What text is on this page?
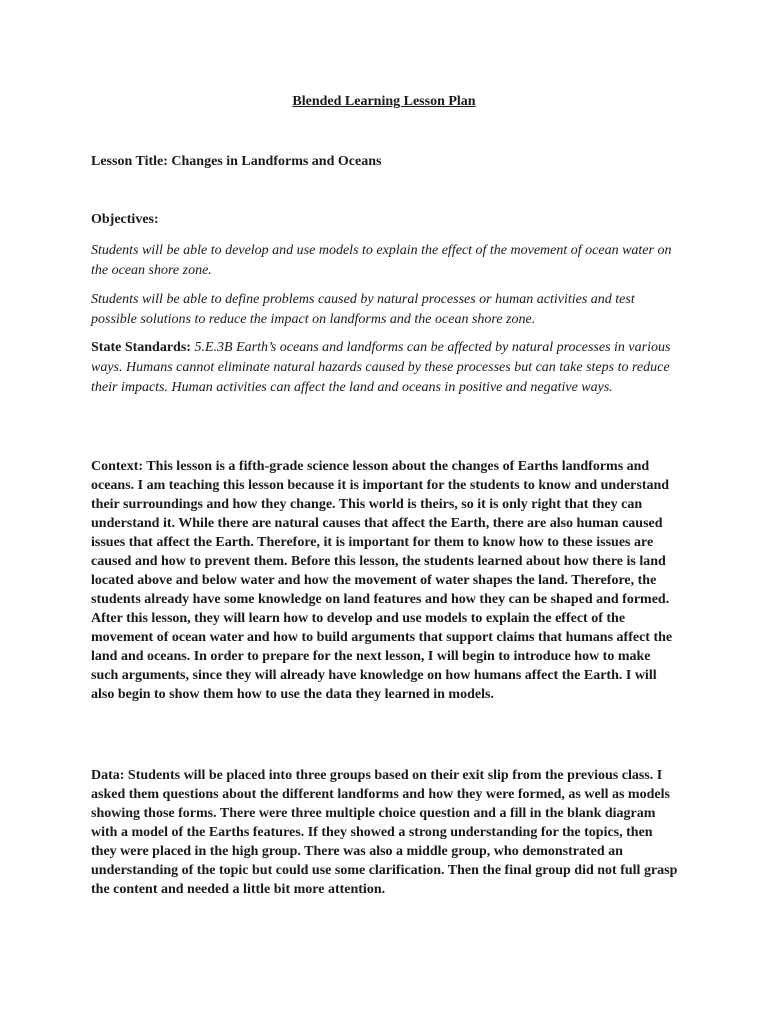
Blended Learning Lesson Plan
Lesson Title: Changes in Landforms and Oceans
Objectives:

Students will be able to develop and use models to explain the effect of the movement of ocean water on the ocean shore zone.

Students will be able to define problems caused by natural processes or human activities and test possible solutions to reduce the impact on landforms and the ocean shore zone.

State Standards: 5.E.3B Earth’s oceans and landforms can be affected by natural processes in various ways. Humans cannot eliminate natural hazards caused by these processes but can take steps to reduce their impacts. Human activities can affect the land and oceans in positive and negative ways.

Context: This lesson is a fifth-grade science lesson about the changes of Earths landforms and oceans. I am teaching this lesson because it is important for the students to know and understand their surroundings and how they change. This world is theirs, so it is only right that they can understand it. While there are natural causes that affect the Earth, there are also human caused issues that affect the Earth. Therefore, it is important for them to know how to these issues are caused and how to prevent them. Before this lesson, the students learned about how there is land located above and below water and how the movement of water shapes the land. Therefore, the students already have some knowledge on land features and how they can be shaped and formed. After this lesson, they will learn how to develop and use models to explain the effect of the movement of ocean water and how to build arguments that support claims that humans affect the land and oceans. In order to prepare for the next lesson, I will begin to introduce how to make such arguments, since they will already have knowledge on how humans affect the Earth. I will also begin to show them how to use the data they learned in models.

Data: Students will be placed into three groups based on their exit slip from the previous class. I asked them questions about the different landforms and how they were formed, as well as models showing those forms. There were three multiple choice question and a fill in the blank diagram with a model of the Earths features. If they showed a strong understanding for the topics, then they were placed in the high group. There was also a middle group, who demonstrated an understanding of the topic but could use some clarification. Then the final group did not full grasp the content and needed a little bit more attention.
